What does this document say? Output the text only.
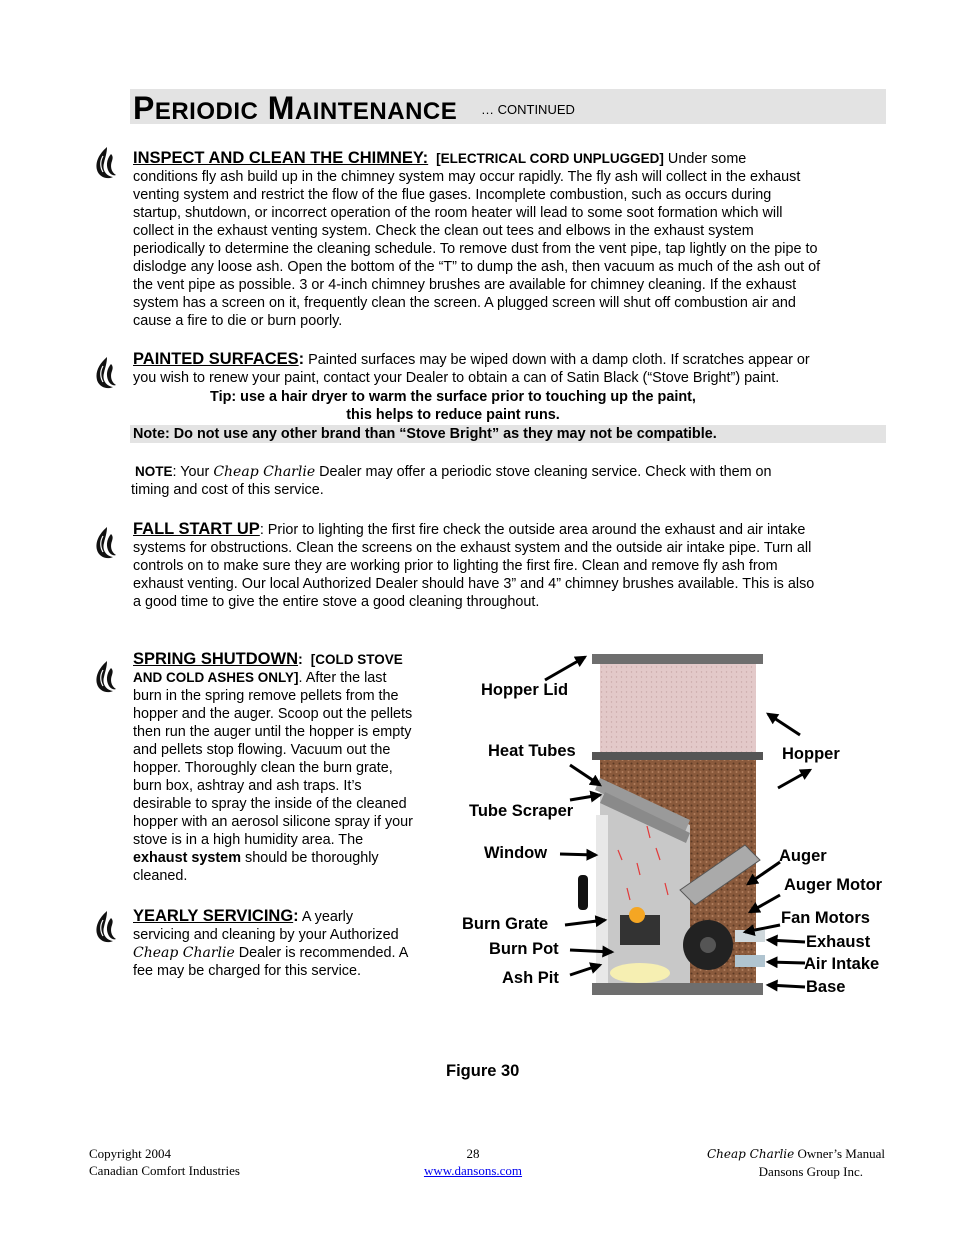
PERIODIC MAINTENANCE … CONTINUED

INSPECT AND CLEAN THE CHIMNEY: [ELECTRICAL CORD UNPLUGGED] Under some

conditions fly ash build up in the chimney system may occur rapidly. The fly ash will collect in the exhaust

venting system and restrict the flow of the flue gases. Incomplete combustion, such as occurs during

startup, shutdown, or incorrect operation of the room heater will lead to some soot formation which will

collect in the exhaust venting system. Check the clean out tees and elbows in the exhaust system

periodically to determine the cleaning schedule. To remove dust from the vent pipe, tap lightly on the pipe to

dislodge any loose ash. Open the bottom of the “T” to dump the ash, then vacuum as much of the ash out of

the vent pipe as possible. 3 or 4-inch chimney brushes are available for chimney cleaning. If the exhaust

system has a screen on it, frequently clean the screen. A plugged screen will shut off combustion air and

cause a fire to die or burn poorly.

PAINTED SURFACES: Painted surfaces may be wiped down with a damp cloth. If scratches appear or

you wish to renew your paint, contact your Dealer to obtain a can of Satin Black (“Stove Bright”) paint.

Tip: use a hair dryer to warm the surface prior to touching up the paint,
this helps to reduce paint runs.
Note: Do not use any other brand than “Stove Bright” as they may not be compatible.

NOTE: Your Cheap Charlie Dealer may offer a periodic stove cleaning service. Check with them on

timing and cost of this service.

FALL START UP: Prior to lighting the first fire check the outside area around the exhaust and air intake

systems for obstructions. Clean the screens on the exhaust system and the outside air intake pipe. Turn all

controls on to make sure they are working prior to lighting the first fire. Clean and remove fly ash from

exhaust venting. Our local Authorized Dealer should have 3” and 4” chimney brushes available. This is also

a good time to give the entire stove a good cleaning throughout.

SPRING SHUTDOWN: [COLD STOVE

AND COLD ASHES ONLY]. After the last

burn in the spring remove pellets from the

hopper and the auger. Scoop out the pellets

then run the auger until the hopper is empty

and pellets stop flowing. Vacuum out the

hopper. Thoroughly clean the burn grate,

burn box, ashtray and ash traps. It’s

desirable to spray the inside of the cleaned

hopper with an aerosol silicone spray if your

stove is in a high humidity area. The

exhaust system should be thoroughly

cleaned.

YEARLY SERVICING: A yearly

servicing and cleaning by your Authorized

Cheap Charlie Dealer is recommended. A

fee may be charged for this service.

Hopper Lid
Heat Tubes
Tube Scraper
Window
Burn Grate
Burn Pot
Ash Pit
Hopper
Auger
Auger Motor
Fan Motors
Exhaust
Air Intake
Base
Figure 30
Copyright 2004
Canadian Comfort Industries
28
www.dansons.com
Cheap Charlie Owner’s Manual
Dansons Group Inc.
